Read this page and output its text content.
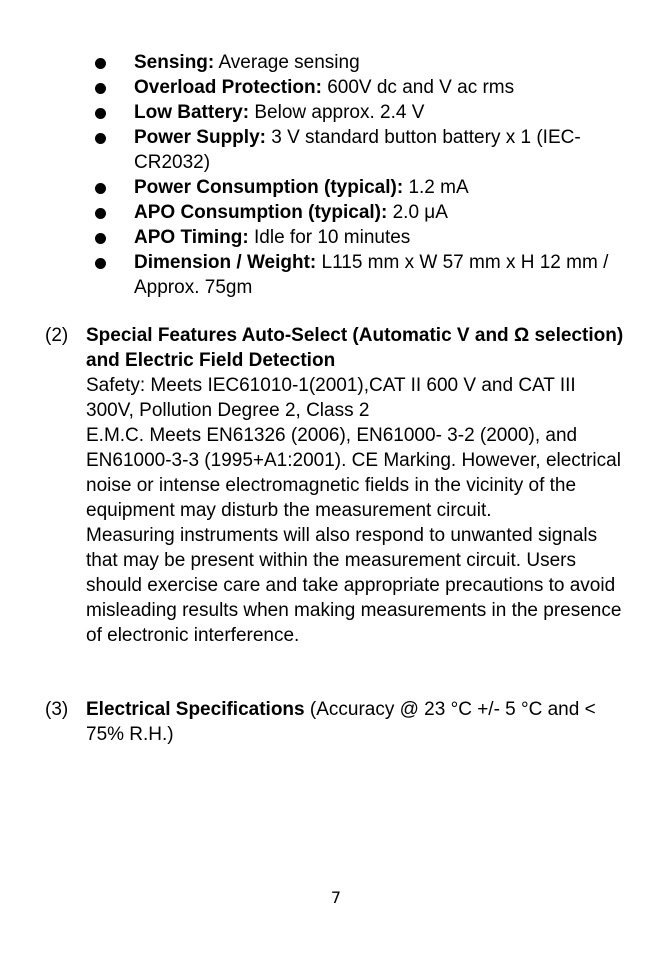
Sensing: Average sensing
Overload Protection: 600V dc and V ac rms
Low Battery: Below approx. 2.4 V
Power Supply: 3 V standard button battery x 1 (IEC-CR2032)
Power Consumption (typical): 1.2 mA
APO Consumption (typical): 2.0 μA
APO Timing: Idle for 10 minutes
Dimension / Weight: L115 mm x W 57 mm x H 12 mm / Approx. 75gm
(2) Special Features Auto-Select (Automatic V and Ω selection) and Electric Field Detection

Safety: Meets IEC61010-1(2001),CAT II 600 V and CAT III 300V, Pollution Degree 2, Class 2

E.M.C. Meets EN61326 (2006), EN61000- 3-2 (2000), and EN61000-3-3 (1995+A1:2001). CE Marking. However, electrical noise or intense electromagnetic fields in the vicinity of the equipment may disturb the measurement circuit.

Measuring instruments will also respond to unwanted signals that may be present within the measurement circuit. Users should exercise care and take appropriate precautions to avoid misleading results when making measurements in the presence of electronic interference.

(3) Electrical Specifications (Accuracy @ 23 °C +/- 5 °C and < 75% R.H.)

7
